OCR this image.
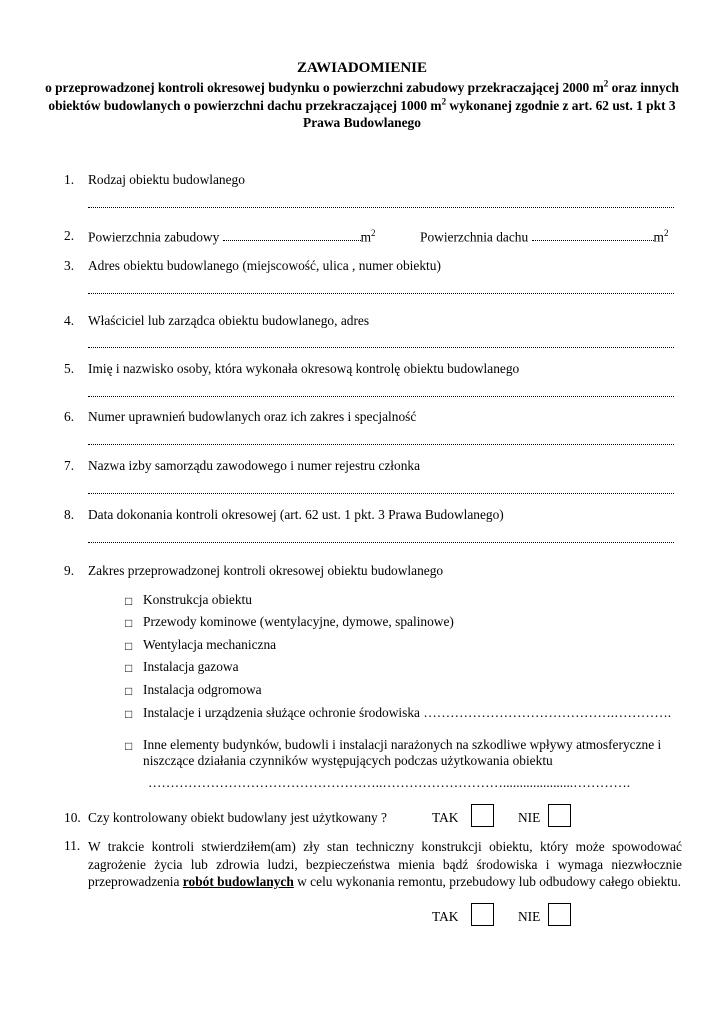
ZAWIADOMIENIE
o przeprowadzonej kontroli okresowej budynku o powierzchni zabudowy przekraczającej 2000 $m^2$ oraz innych obiektów budowlanych o powierzchni dachu przekraczającej 1000 $m^2$ wykonanej zgodnie z art. 62 ust. 1 pkt 3 Prawa Budowlanego
1. Rodzaj obiektu budowlanego
2. Powierzchnia zabudowy	$m^2$	Powierzchnia dachu	$m^2$
3. Adres obiektu budowlanego (miejscowość, ulica , numer obiektu)
4. Właściciel lub zarządca obiektu budowlanego, adres
5. Imię i nazwisko osoby, która wykonała okresową kontrolę obiektu budowlanego
6. Numer uprawnień budowlanych oraz ich zakres i specjalność
7. Nazwa izby samorządu zawodowego i numer rejestru członka
8. Data dokonania kontroli okresowej (art. 62 ust. 1 pkt. 3 Prawa Budowlanego)
9. Zakres przeprowadzonej kontroli okresowej obiektu budowlanego
□ Konstrukcja obiektu
□ Przewody kominowe (wentylacyjne, dymowe, spalinowe)
□ Wentylacja mechaniczna
□ Instalacja gazowa
□ Instalacja odgromowa
□ Instalacje i urządzenia służące ochronie środowiska …………………………………….………….
□ Inne elementy budynków, budowli i instalacji narażonych na szkodliwe wpływy atmosferyczne i
niszczące działania czynników występujących podczas użytkowania obiektu
……………………………………………..……………………….....................………….
10. Czy kontrolowany obiekt budowlany jest użytkowany ?	TAK	NIE
11. W trakcie kontroli stwierdziłem(am) zły stan techniczny konstrukcji obiektu, który może spowodować zagrożenie życia lub zdrowia ludzi, bezpieczeństwa mienia bądź środowiska i wymaga niezwłocznie przeprowadzenia robót budowlanych w celu wykonania remontu, przebudowy lub odbudowy całego obiektu.
TAK	NIE
